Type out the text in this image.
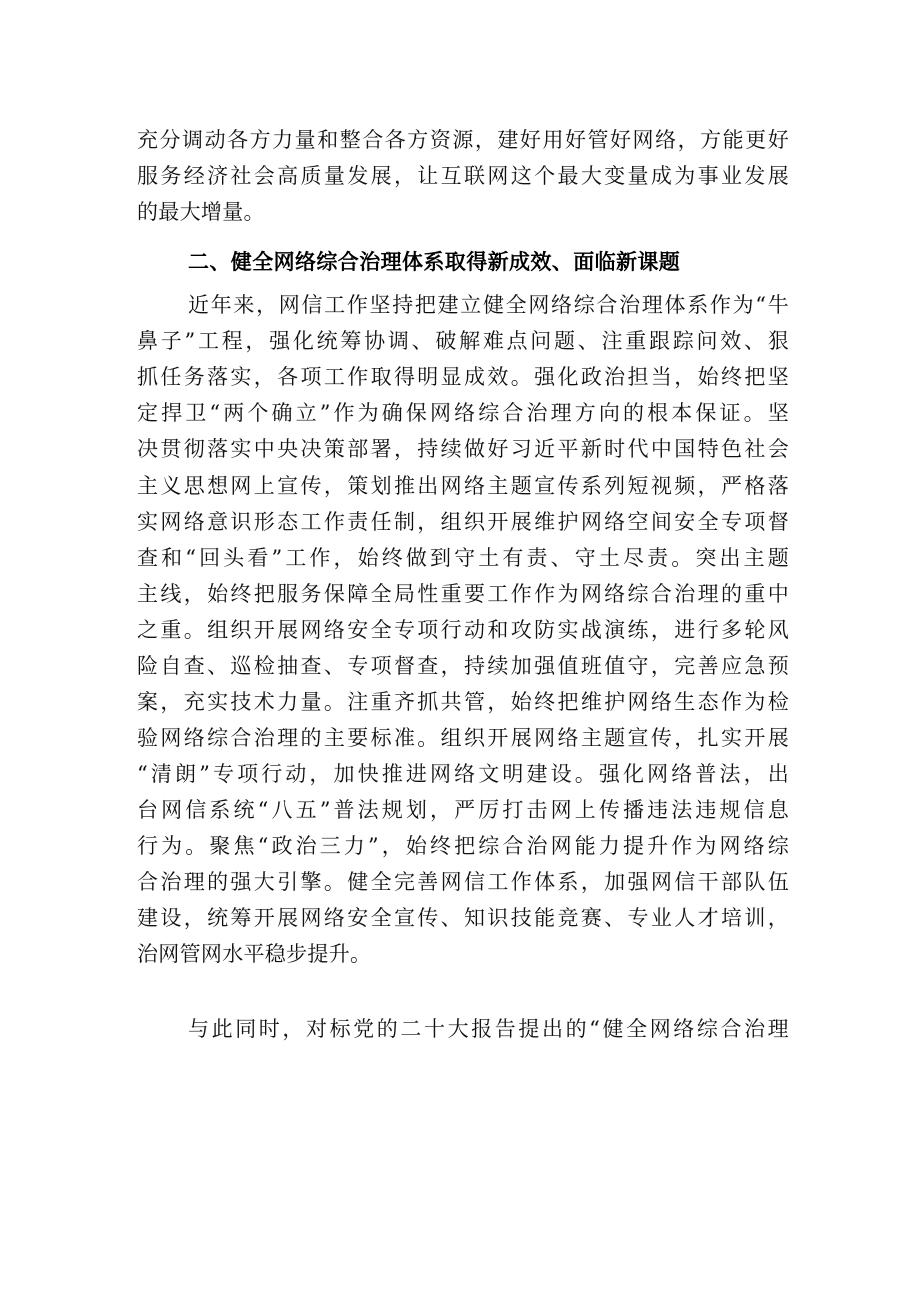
充分调动各方力量和整合各方资源，建好用好管好网络，方能更好
服务经济社会高质量发展，让互联网这个最大变量成为事业发展
的最大增量。
二、健全网络综合治理体系取得新成效、面临新课题
近年来，网信工作坚持把建立健全网络综合治理体系作为“牛
鼻子”工程，强化统筹协调、破解难点问题、注重跟踪问效、狠
抓任务落实，各项工作取得明显成效。强化政治担当，始终把坚
定捍卫“两个确立”作为确保网络综合治理方向的根本保证。坚
决贯彻落实中央决策部署，持续做好习近平新时代中国特色社会
主义思想网上宣传，策划推出网络主题宣传系列短视频，严格落
实网络意识形态工作责任制，组织开展维护网络空间安全专项督
查和“回头看”工作，始终做到守土有责、守土尽责。突出主题
主线，始终把服务保障全局性重要工作作为网络综合治理的重中
之重。组织开展网络安全专项行动和攻防实战演练，进行多轮风
险自查、巡检抽查、专项督查，持续加强值班值守，完善应急预
案，充实技术力量。注重齐抓共管，始终把维护网络生态作为检
验网络综合治理的主要标准。组织开展网络主题宣传，扎实开展
“清朗”专项行动，加快推进网络文明建设。强化网络普法，出
台网信系统“八五”普法规划，严厉打击网上传播违法违规信息
行为。聚焦“政治三力”，始终把综合治网能力提升作为网络综
合治理的强大引擎。健全完善网信工作体系，加强网信干部队伍
建设，统筹开展网络安全宣传、知识技能竞赛、专业人才培训，
治网管网水平稳步提升。
与此同时，对标党的二十大报告提出的“健全网络综合治理
